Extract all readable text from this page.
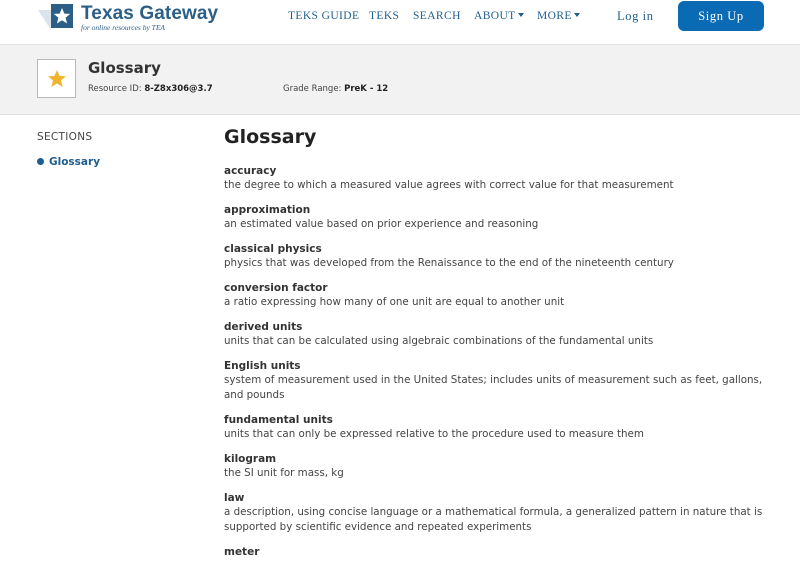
Texas Gateway
for online resources by TEA
TEKS GUIDE TEKS SEARCH ABOUT	MORE	Log in	Sign Up
Glossary
Resource ID: 8-Z8x306@3.7	Grade Range: PreK - 12
SECTIONS
Glossary
Glossary
accuracy
the degree to which a measured value agrees with correct value for that measurement
approximation
an estimated value based on prior experience and reasoning
classical physics
physics that was developed from the Renaissance to the end of the nineteenth century
conversion factor
a ratio expressing how many of one unit are equal to another unit
derived units
units that can be calculated using algebraic combinations of the fundamental units
English units
system of measurement used in the United States; includes units of measurement such as feet, gallons, and pounds
fundamental units
units that can only be expressed relative to the procedure used to measure them
kilogram
the SI unit for mass, kg
law
a description, using concise language or a mathematical formula, a generalized pattern in nature that is supported by scientific evidence and repeated experiments
meter
